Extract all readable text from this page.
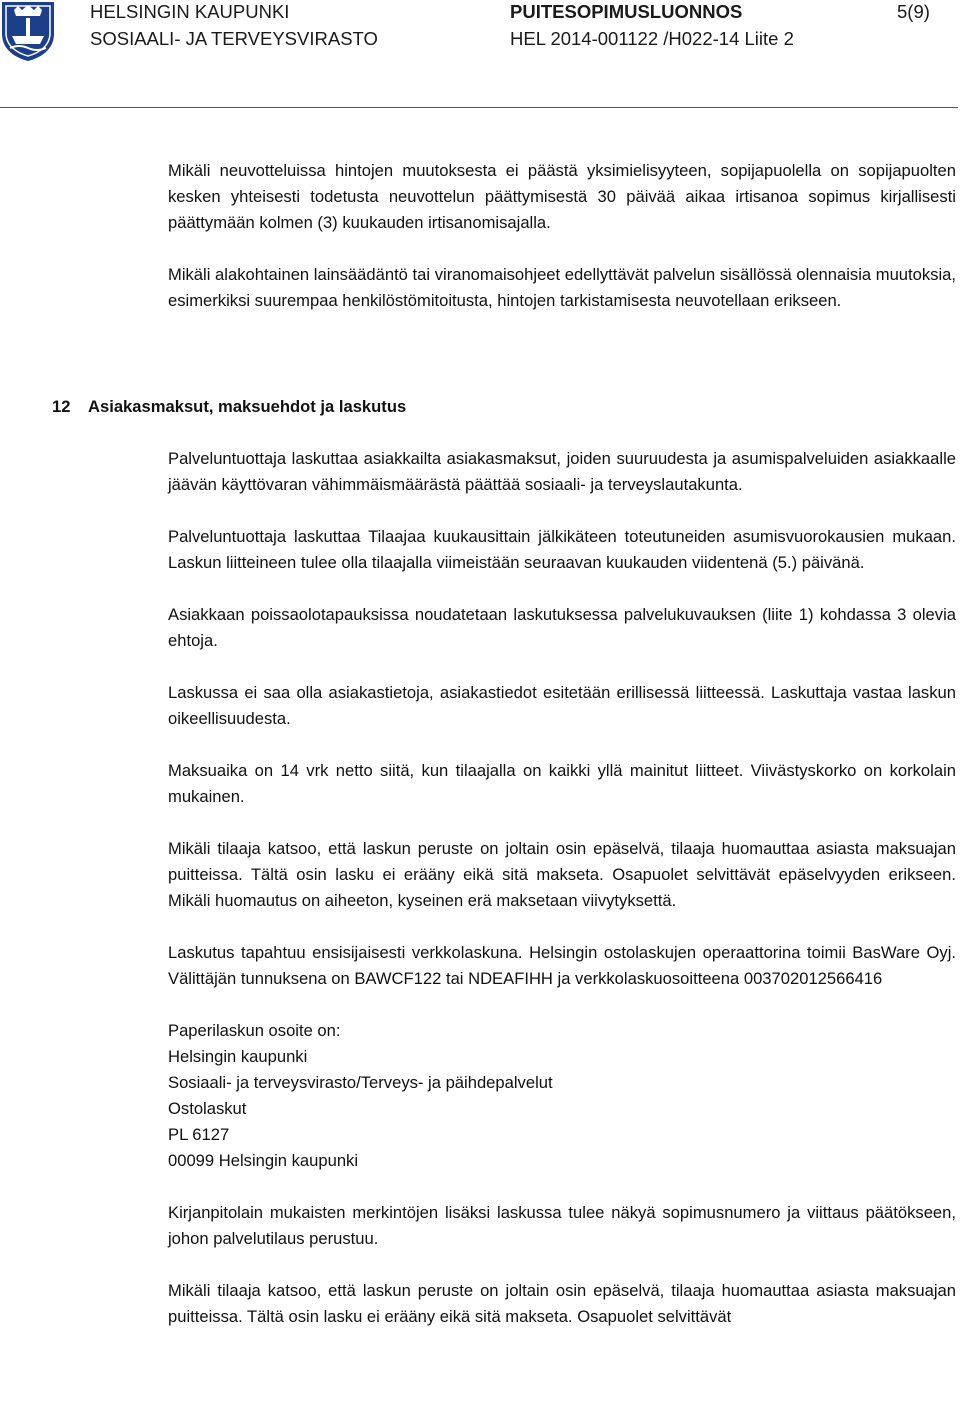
HELSINGIN KAUPUNKI
SOSIAALI- JA TERVEYSVIRASTO
PUITESOPIMUSLUONNOS
HEL 2014-001122 /H022-14 Liite 2
5(9)

Mikäli neuvotteluissa hintojen muutoksesta ei päästä yksimielisyyteen, sopijapuolella on sopijapuolten kesken yhteisesti todetusta neuvottelun päättymisestä 30 päivää aikaa irtisanoa sopimus kirjallisesti päättymään kolmen (3) kuukauden irtisanomisajalla.

Mikäli alakohtainen lainsäädäntö tai viranomaisohjeet edellyttävät palvelun sisällössä olennaisia muutoksia, esimerkiksi suurempaa henkilöstömitoitusta, hintojen tarkistamisesta neuvotellaan erikseen.

12 Asiakasmaksut, maksuehdot ja laskutus

Palveluntuottaja laskuttaa asiakkailta asiakasmaksut, joiden suuruudesta ja asumispalveluiden asiakkaalle jäävän käyttövaran vähimmäismäärästä päättää sosiaali- ja terveyslautakunta.

Palveluntuottaja laskuttaa Tilaajaa kuukausittain jälkikäteen toteutuneiden asumisvuorokausien mukaan. Laskun liitteineen tulee olla tilaajalla viimeistään seuraavan kuukauden viidentenä (5.) päivänä.

Asiakkaan poissaolotapauksissa noudatetaan laskutuksessa palvelukuvauksen (liite 1) kohdassa 3 olevia ehtoja.

Laskussa ei saa olla asiakastietoja, asiakastiedot esitetään erillisessä liitteessä. Laskuttaja vastaa laskun oikeellisuudesta.

Maksuaika on 14 vrk netto siitä, kun tilaajalla on kaikki yllä mainitut liitteet. Viivästyskorko on korkolain mukainen.

Mikäli tilaaja katsoo, että laskun peruste on joltain osin epäselvä, tilaaja huomauttaa asiasta maksuajan puitteissa. Tältä osin lasku ei erääny eikä sitä makseta. Osapuolet selvittävät epäselvyyden erikseen. Mikäli huomautus on aiheeton, kyseinen erä maksetaan viivytyksettä.

Laskutus tapahtuu ensisijaisesti verkkolaskuna. Helsingin ostolaskujen operaattorina toimii BasWare Oyj. Välittäjän tunnuksena on BAWCF122 tai NDEAFIHH ja verkkolaskuosoitteena 003702012566416

Paperilaskun osoite on:

Helsingin kaupunki

Sosiaali- ja terveysvirasto/Terveys- ja päihdepalvelut

Ostolaskut

PL 6127

00099 Helsingin kaupunki

Kirjanpitolain mukaisten merkintöjen lisäksi laskussa tulee näkyä sopimusnumero ja viittaus päätökseen, johon palvelutilaus perustuu.

Mikäli tilaaja katsoo, että laskun peruste on joltain osin epäselvä, tilaaja huomauttaa asiasta maksuajan puitteissa. Tältä osin lasku ei erääny eikä sitä makseta. Osapuolet selvittävät
